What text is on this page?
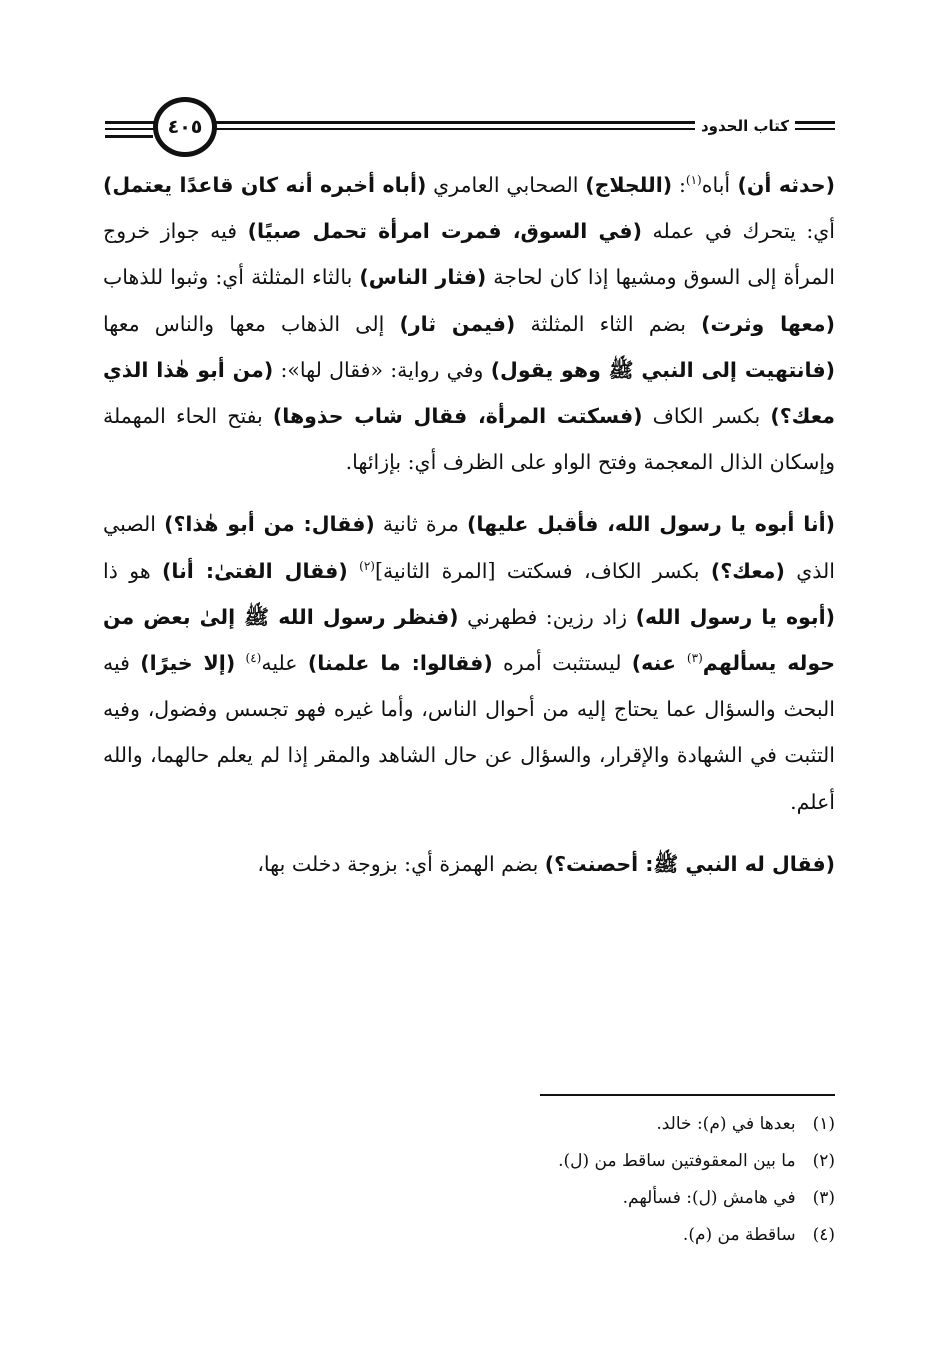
كتاب الحدود
٤٠٥

(حدثه أن) أباه$^{(١)}$: (اللجلاج) الصحابي العامري (أباه أخبره أنه كان قاعدًا يعتمل) أي: يتحرك في عمله (في السوق، فمرت امرأة تحمل صبيًا) فيه جواز خروج المرأة إلى السوق ومشيها إذا كان لحاجة (فثار الناس) بالثاء المثلثة أي: وثبوا للذهاب (معها وثرت) بضم الثاء المثلثة (فيمن ثار) إلى الذهاب معها والناس معها (فانتهيت إلى النبي ﷺ وهو يقول) وفي رواية: «فقال لها»: (من أبو هٰذا الذي معك؟) بكسر الكاف (فسكتت المرأة، فقال شاب حذوها) بفتح الحاء المهملة وإسكان الذال المعجمة وفتح الواو على الظرف أي: بإزائها.

(أنا أبوه يا رسول الله، فأقبل عليها) مرة ثانية (فقال: من أبو هٰذا؟) الصبي الذي (معك؟) بكسر الكاف، فسكتت [المرة الثانية]$^{(٢)}$ (فقال الفتىٰ: أنا) هو ذا (أبوه يا رسول الله) زاد رزين: فطهرني (فنظر رسول الله ﷺ إلىٰ بعض من حوله يسألهم$^{(٣)}$ عنه) ليستثبت أمره (فقالوا: ما علمنا) عليه$^{(٤)}$ (إلا خيرًا) فيه البحث والسؤال عما يحتاج إليه من أحوال الناس، وأما غيره فهو تجسس وفضول، وفيه التثبت في الشهادة والإقرار، والسؤال عن حال الشاهد والمقر إذا لم يعلم حالهما، والله أعلم.

(فقال له النبي ﷺ: أحصنت؟) بضم الهمزة أي: بزوجة دخلت بها،

(١) بعدها في (م): خالد.

(٢) ما بين المعقوفتين ساقط من (ل).

(٣) في هامش (ل): فسألهم.

(٤) ساقطة من (م).
